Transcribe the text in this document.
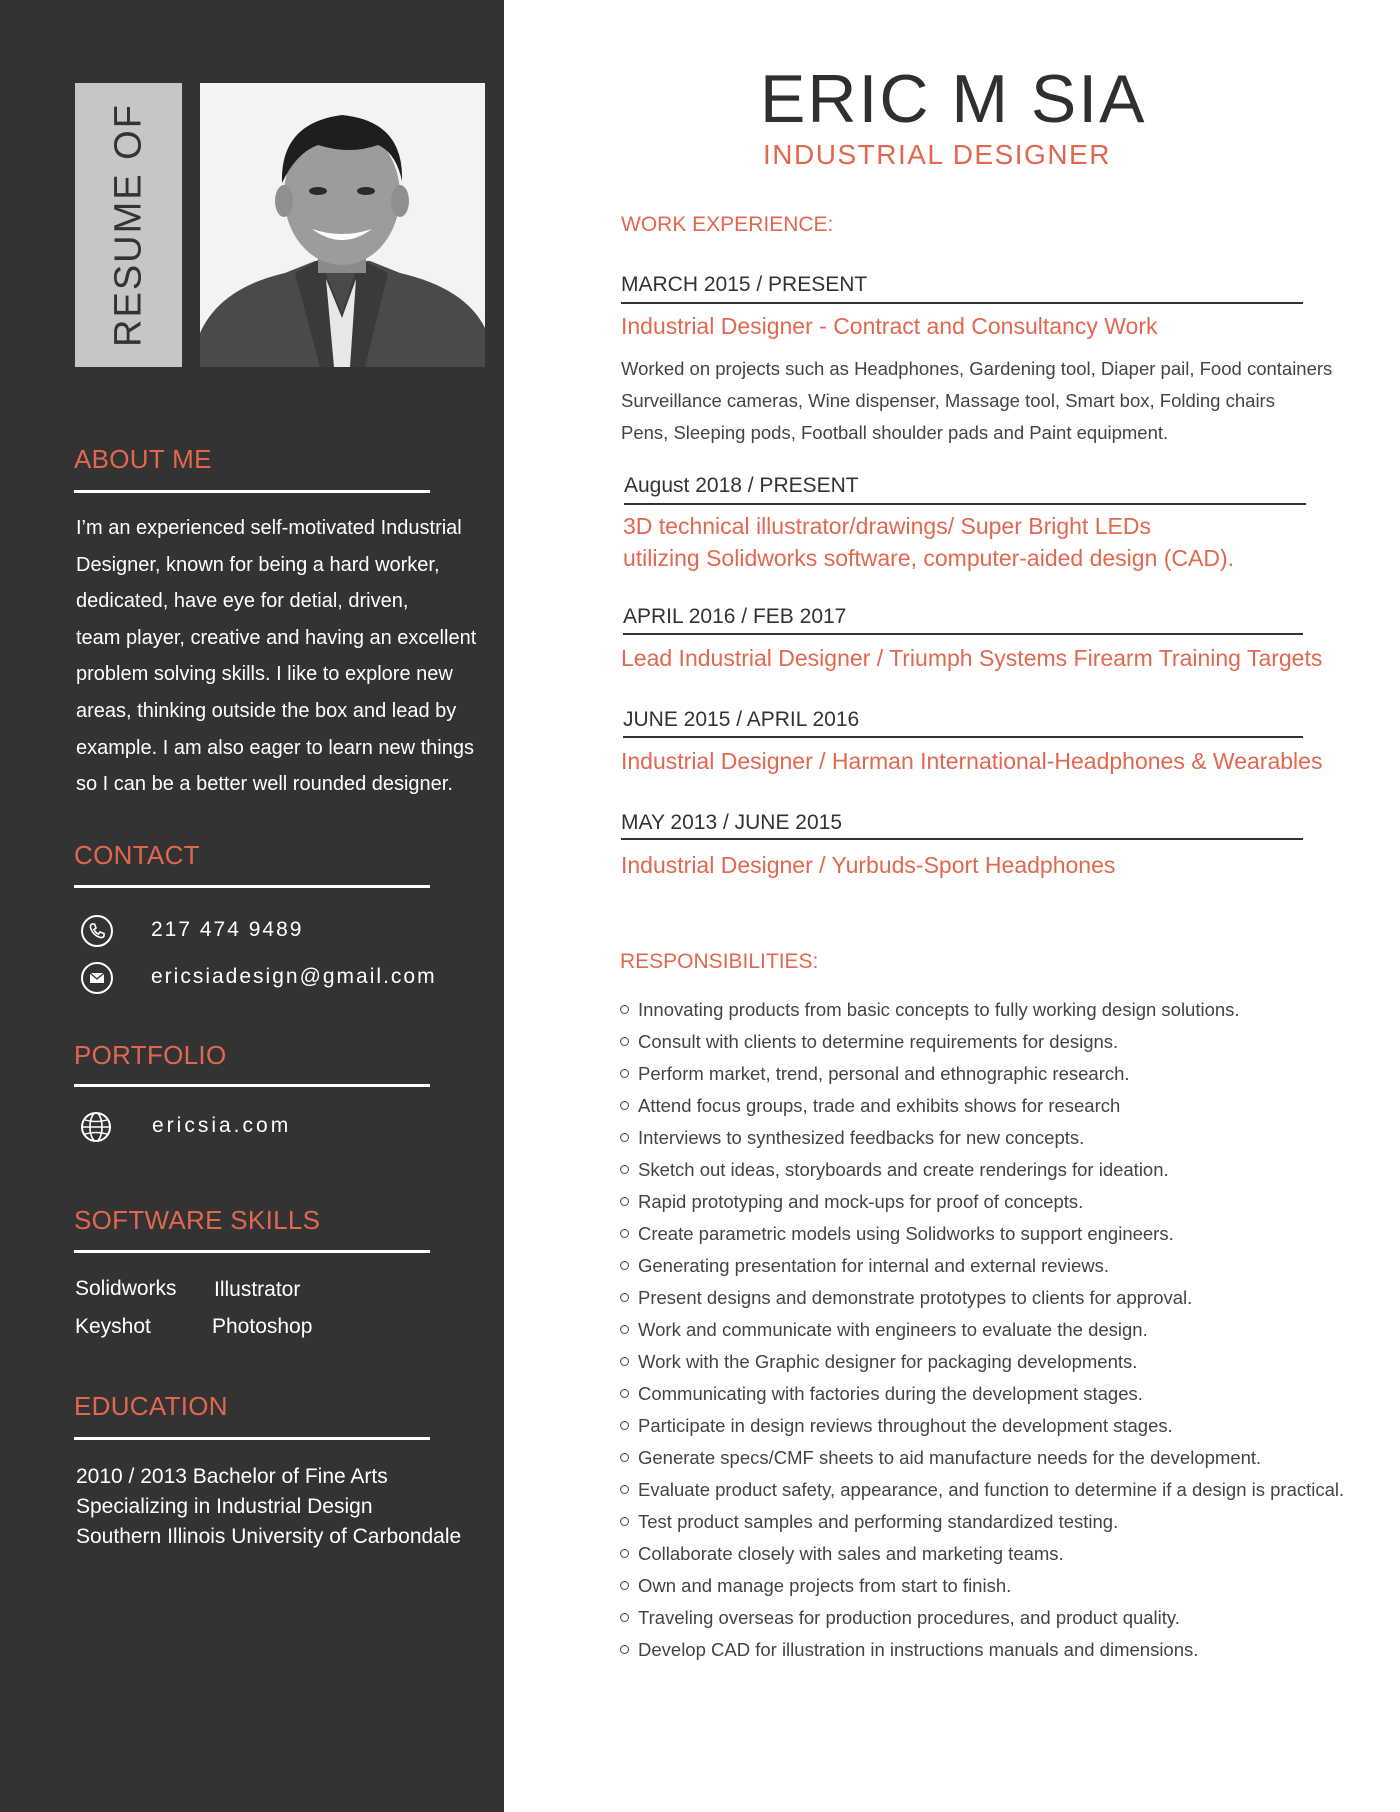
RESUME OF
ABOUT ME

I’m an experienced self-motivated Industrial
Designer, known for being a hard worker,
dedicated, have eye for detial, driven,
team player, creative and having an excellent
problem solving skills. I like to explore new
areas, thinking outside the box and lead by
example. I am also eager to learn new things
so I can be a better well rounded designer.

CONTACT
217 474 9489
ericsiadesign@gmail.com
PORTFOLIO
ericsia.com
SOFTWARE SKILLS
Solidworks Illustrator
Keyshot	Photoshop
EDUCATION
2010 / 2013 Bachelor of Fine Arts
Specializing in Industrial Design
Southern Illinois University of Carbondale
ERIC M SIA
INDUSTRIAL DESIGNER
WORK EXPERIENCE:
MARCH 2015 / PRESENT
Industrial Designer - Contract and Consultancy Work
Worked on projects such as Headphones, Gardening tool, Diaper pail, Food containers
Surveillance cameras, Wine dispenser, Massage tool, Smart box, Folding chairs
Pens, Sleeping pods, Football shoulder pads and Paint equipment.
August 2018 / PRESENT
3D technical illustrator/drawings/ Super Bright LEDs
utilizing Solidworks software, computer-aided design (CAD).
APRIL 2016 / FEB 2017
Lead Industrial Designer / Triumph Systems Firearm Training Targets
JUNE 2015 / APRIL 2016
Industrial Designer / Harman International-Headphones & Wearables
MAY 2013 / JUNE 2015
Industrial Designer / Yurbuds-Sport Headphones
RESPONSIBILITIES:
Innovating products from basic concepts to fully working design solutions.
Consult with clients to determine requirements for designs.
Perform market, trend, personal and ethnographic research.
Attend focus groups, trade and exhibits shows for research
Interviews to synthesized feedbacks for new concepts.
Sketch out ideas, storyboards and create renderings for ideation.
Rapid prototyping and mock-ups for proof of concepts.
Create parametric models using Solidworks to support engineers.
Generating presentation for internal and external reviews.
Present designs and demonstrate prototypes to clients for approval.
Work and communicate with engineers to evaluate the design.
Work with the Graphic designer for packaging developments.
Communicating with factories during the development stages.
Participate in design reviews throughout the development stages.
Generate specs/CMF sheets to aid manufacture needs for the development.
Evaluate product safety, appearance, and function to determine if a design is practical.
Test product samples and performing standardized testing.
Collaborate closely with sales and marketing teams.
Own and manage projects from start to finish.
Traveling overseas for production procedures, and product quality.
Develop CAD for illustration in instructions manuals and dimensions.
